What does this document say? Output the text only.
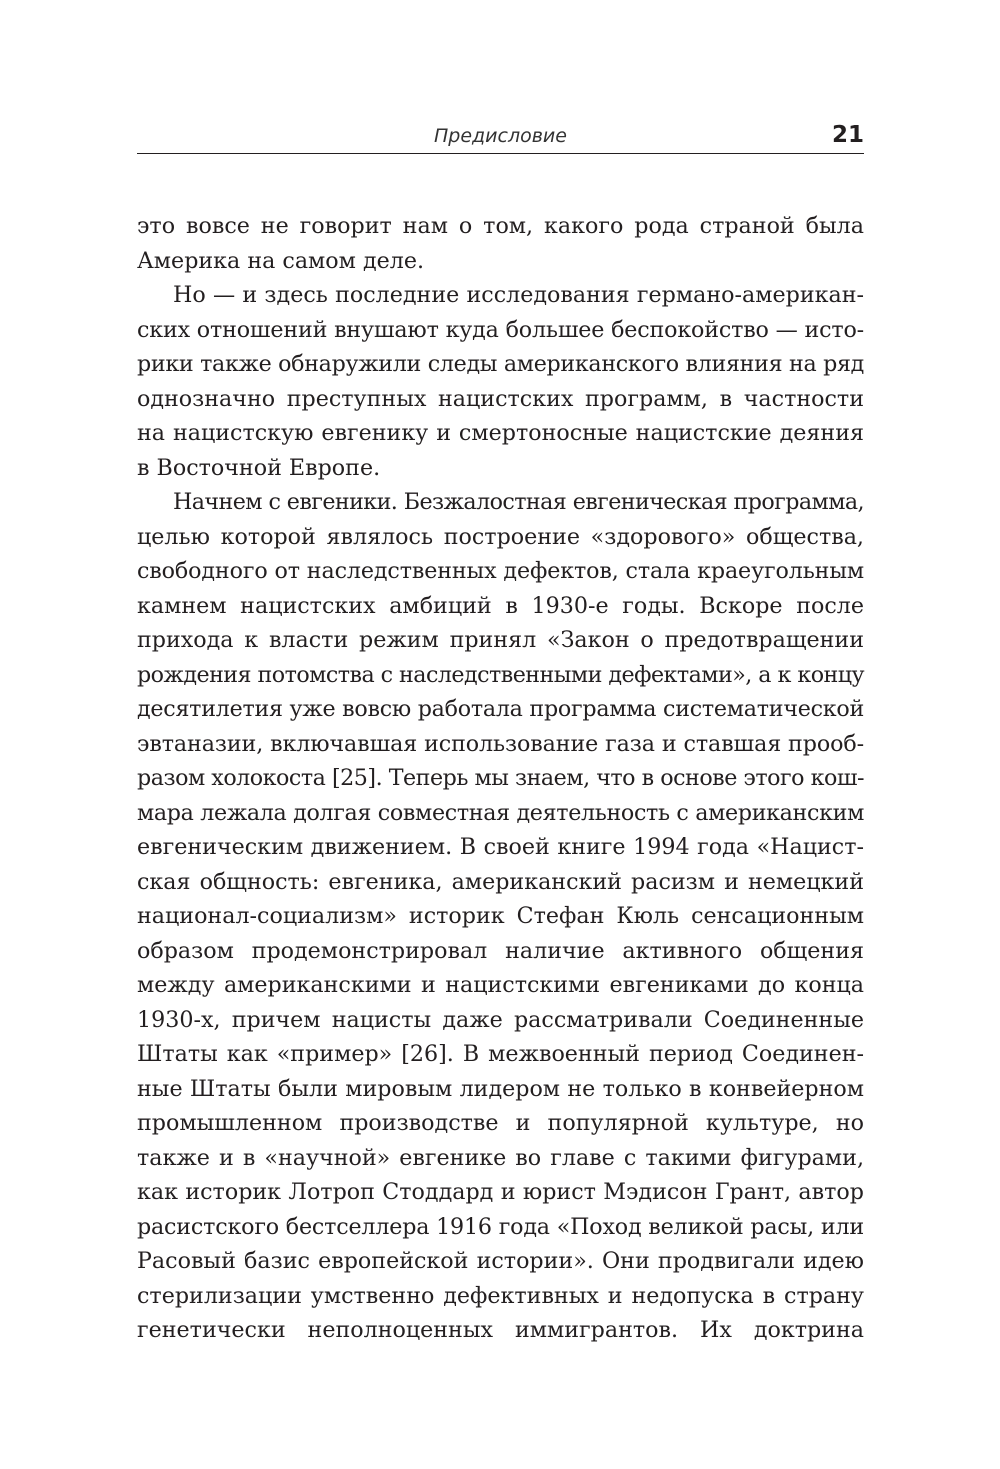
Предисловие	21
это вовсе не говорит нам о том, какого рода страной была
Америка на самом деле.
Но — и здесь последние исследования германо-американ-
ских отношений внушают куда большее беспокойство — исто-
рики также обнаружили следы американского влияния на ряд
однозначно преступных нацистских программ, в частности
на нацистскую евгенику и смертоносные нацистские деяния
в Восточной Европе.
Начнем с евгеники. Безжалостная евгеническая программа,
целью которой являлось построение «здорового» общества,
свободного от наследственных дефектов, стала краеугольным
камнем нацистских амбиций в 1930-е годы. Вскоре после
прихода к власти режим принял «Закон о предотвращении
рождения потомства с наследственными дефектами», а к концу
десятилетия уже вовсю работала программа систематической
эвтаназии, включавшая использование газа и ставшая прооб-
разом холокоста [25]. Теперь мы знаем, что в основе этого кош-
мара лежала долгая совместная деятельность с американским
евгеническим движением. В своей книге 1994 года «Нацист-
ская общность: евгеника, американский расизм и немецкий
национал-социализм» историк Стефан Кюль сенсационным
образом продемонстрировал наличие активного общения
между американскими и нацистскими евгениками до конца
1930-х, причем нацисты даже рассматривали Соединенные
Штаты как «пример» [26]. В межвоенный период Соединен-
ные Штаты были мировым лидером не только в конвейерном
промышленном производстве и популярной культуре, но
также и в «научной» евгенике во главе с такими фигурами,
как историк Лотроп Стоддард и юрист Мэдисон Грант, автор
расистского бестселлера 1916 года «Поход великой расы, или
Расовый базис европейской истории». Они продвигали идею
стерилизации умственно дефективных и недопуска в страну
генетически неполноценных иммигрантов. Их доктрина
